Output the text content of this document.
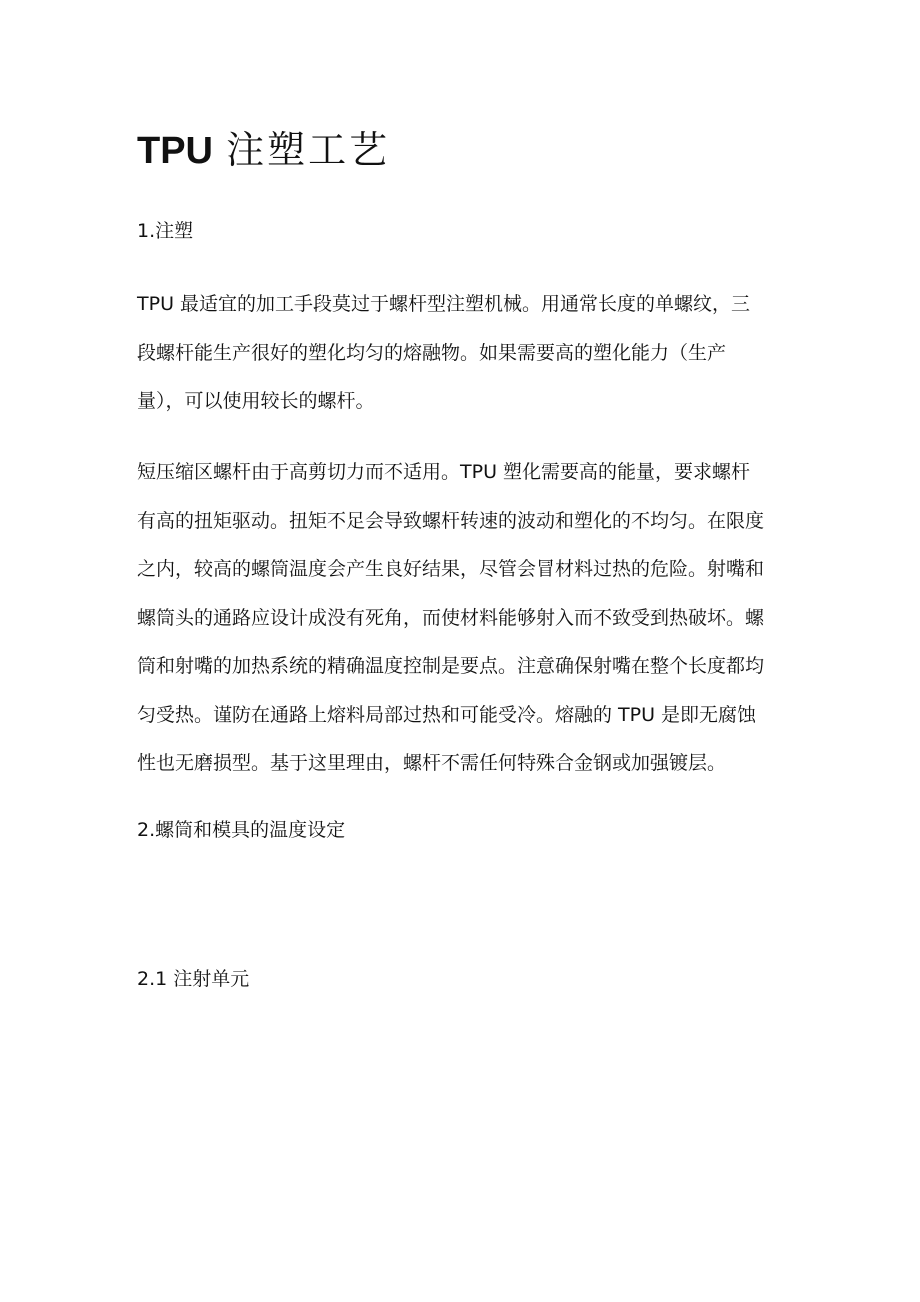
TPU 注塑工艺
1.注塑

TPU 最适宜的加工手段莫过于螺杆型注塑机械。用通常长度的单螺纹，三
段螺杆能生产很好的塑化均匀的熔融物。如果需要高的塑化能力（生产
量），可以使用较长的螺杆。

短压缩区螺杆由于高剪切力而不适用。TPU 塑化需要高的能量，要求螺杆
有高的扭矩驱动。扭矩不足会导致螺杆转速的波动和塑化的不均匀。在限度
之内，较高的螺筒温度会产生良好结果，尽管会冒材料过热的危险。射嘴和
螺筒头的通路应设计成没有死角，而使材料能够射入而不致受到热破坏。螺
筒和射嘴的加热系统的精确温度控制是要点。注意确保射嘴在整个长度都均
匀受热。谨防在通路上熔料局部过热和可能受冷。熔融的 TPU 是即无腐蚀
性也无磨损型。基于这里理由，螺杆不需任何特殊合金钢或加强镀层。

2.螺筒和模具的温度设定
2.1 注射单元
